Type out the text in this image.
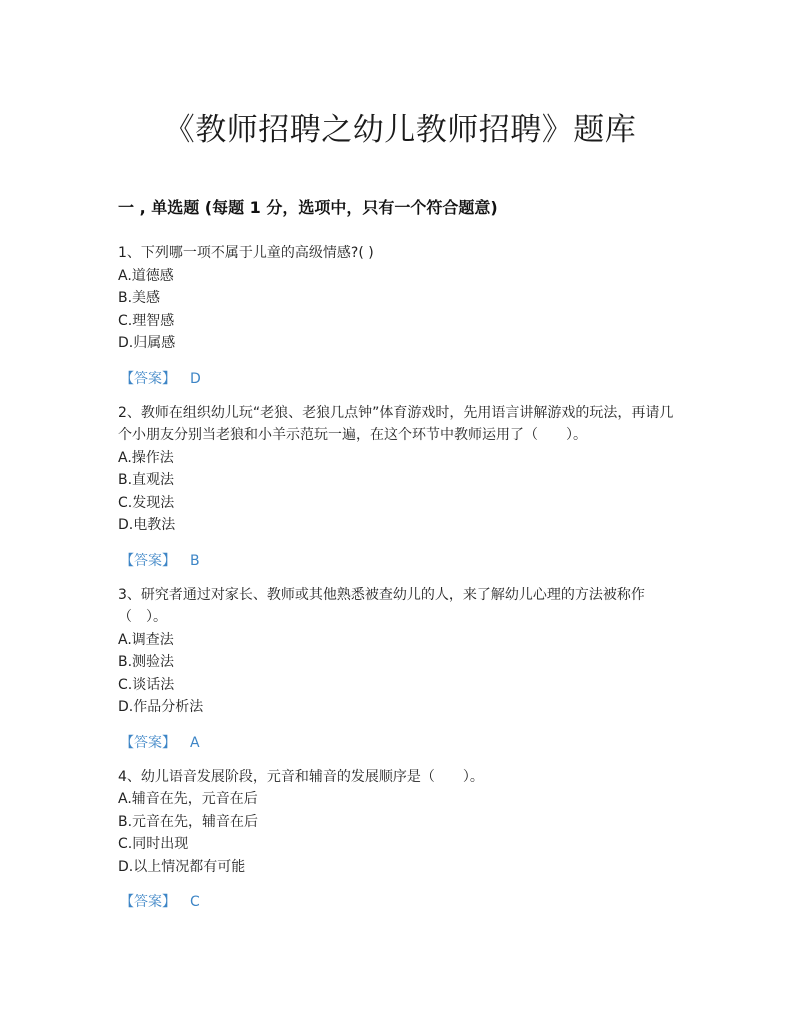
《教师招聘之幼儿教师招聘》题库
一 , 单选题 (每题 1 分，选项中，只有一个符合题意)

1、下列哪一项不属于儿童的高级情感?( )

A.道德感
B.美感
C.理智感
D.归属感
【答案】 D

2、教师在组织幼儿玩“老狼、老狼几点钟”体育游戏时，先用语言讲解游戏的玩法，再请几个小朋友分别当老狼和小羊示范玩一遍，在这个环节中教师运用了（　　）。

A.操作法
B.直观法
C.发现法
D.电教法
【答案】 B

3、研究者通过对家长、教师或其他熟悉被查幼儿的人，来了解幼儿心理的方法被称作（　）。

A.调查法
B.测验法
C.谈话法
D.作品分析法
【答案】 A

4、幼儿语音发展阶段，元音和辅音的发展顺序是（　　）。

A.辅音在先，元音在后
B.元音在先，辅音在后
C.同时出现
D.以上情况都有可能
【答案】 C
